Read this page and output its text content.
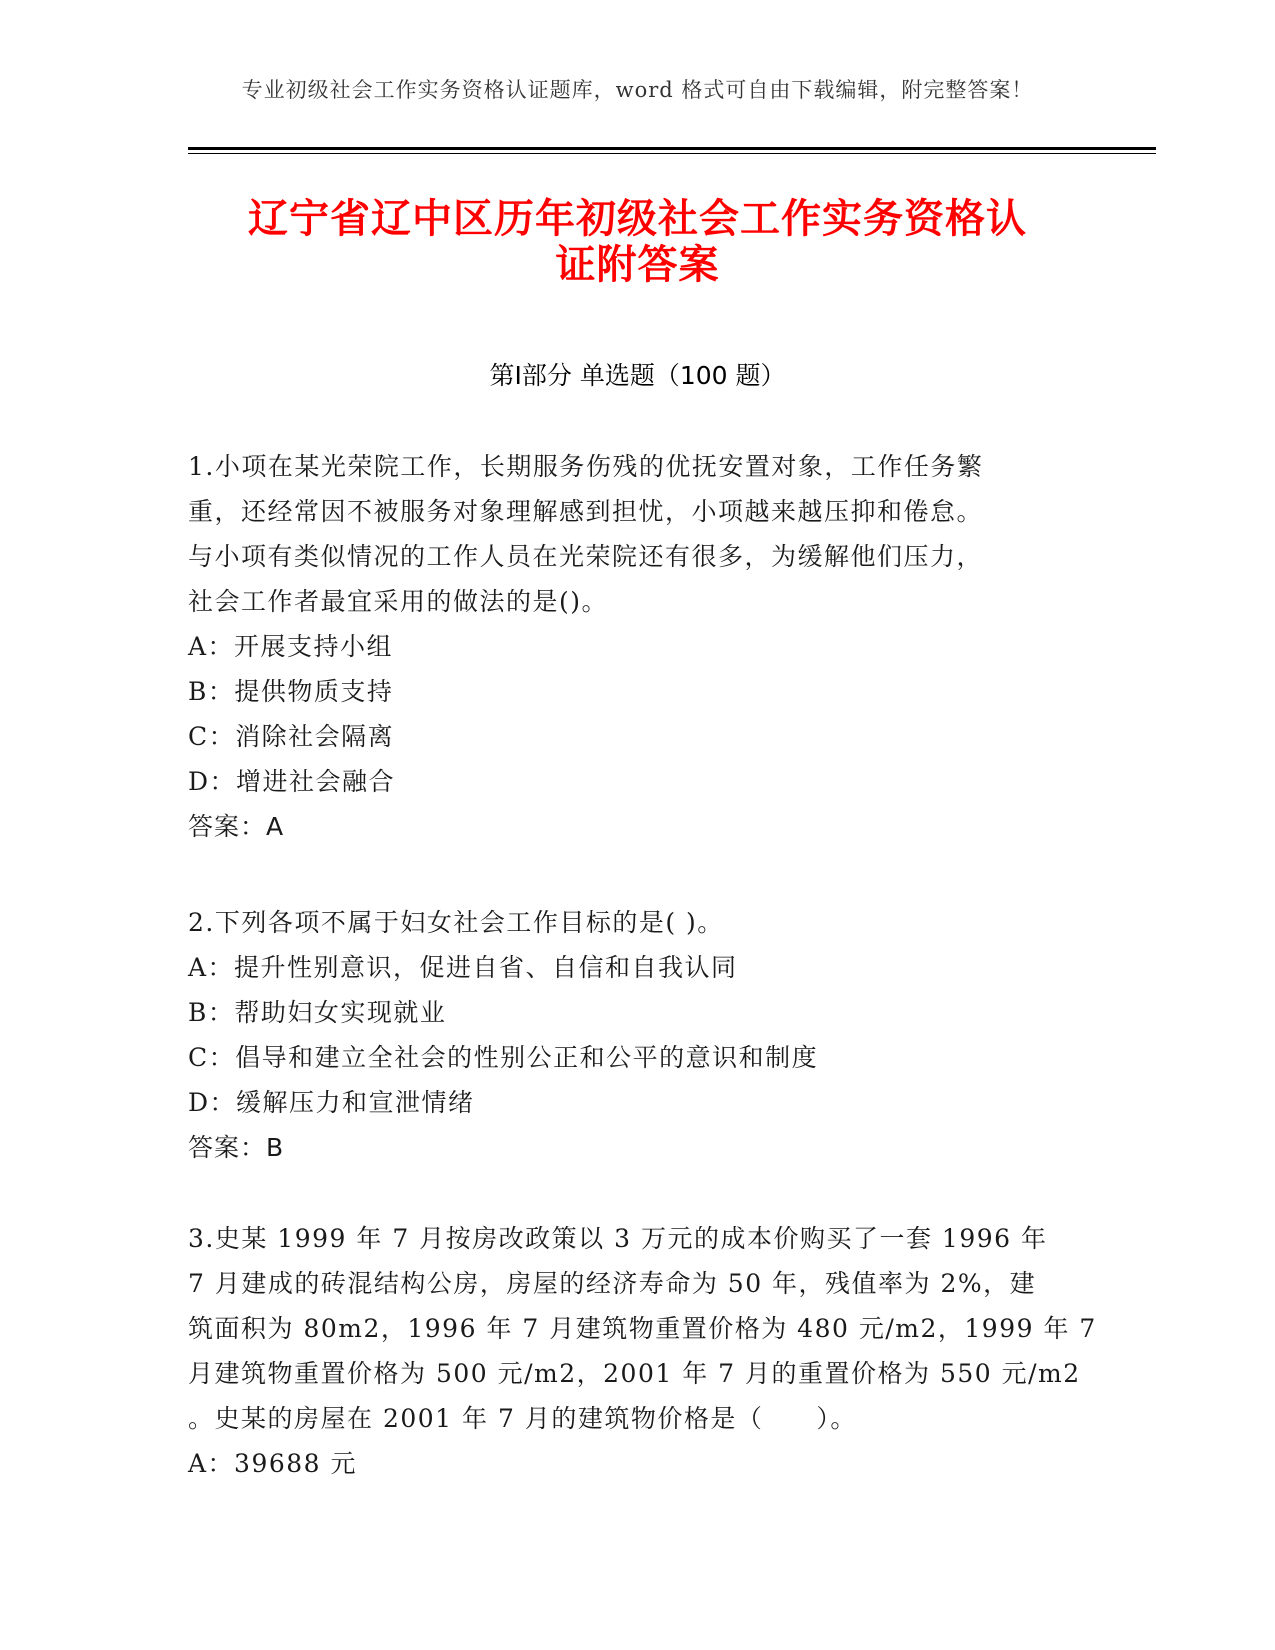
专业初级社会工作实务资格认证题库，word 格式可自由下载编辑，附完整答案！
辽宁省辽中区历年初级社会工作实务资格认
证附答案
第Ⅰ部分 单选题（100 题）

1.小项在某光荣院工作，长期服务伤残的优抚安置对象，工作任务繁
重，还经常因不被服务对象理解感到担忧，小项越来越压抑和倦怠。
与小项有类似情况的工作人员在光荣院还有很多，为缓解他们压力，
社会工作者最宜采用的做法的是()。

A：开展支持小组

B：提供物质支持

C：消除社会隔离

D：增进社会融合

答案：A

2.下列各项不属于妇女社会工作目标的是( )。

A：提升性别意识，促进自省、自信和自我认同

B：帮助妇女实现就业

C：倡导和建立全社会的性别公正和公平的意识和制度

D：缓解压力和宣泄情绪

答案：B

3.史某 1999 年 7 月按房改政策以 3 万元的成本价购买了一套 1996 年
7 月建成的砖混结构公房，房屋的经济寿命为 50 年，残值率为 2%，建
筑面积为 80m2，1996 年 7 月建筑物重置价格为 480 元/m2，1999 年 7
月建筑物重置价格为 500 元/m2，2001 年 7 月的重置价格为 550 元/m2
。史某的房屋在 2001 年 7 月的建筑物价格是（　　）。

A：39688 元
